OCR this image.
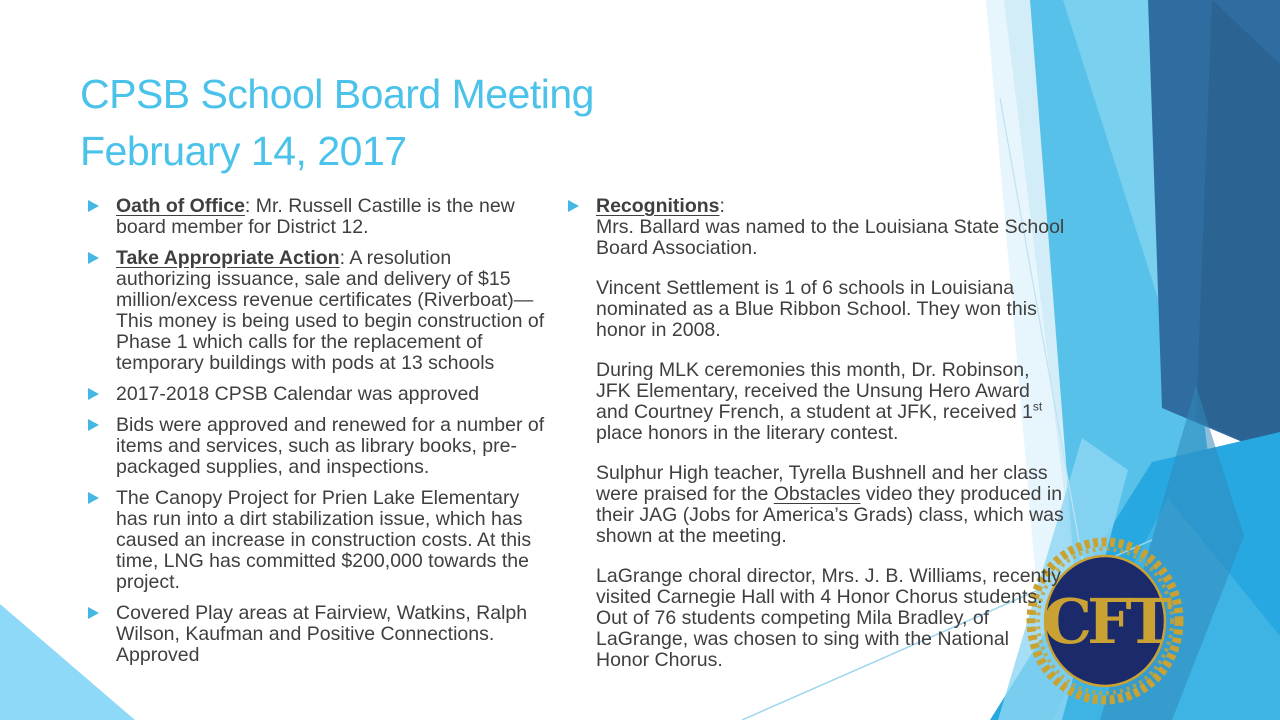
CPSB School Board Meeting
February 14, 2017
Oath of Office: Mr. Russell Castille is the new board member for District 12.
Take Appropriate Action: A resolution authorizing issuance, sale and delivery of $15 million/excess revenue certificates (Riverboat)—This money is being used to begin construction of Phase 1 which calls for the replacement of temporary buildings with pods at 13 schools
2017-2018 CPSB Calendar was approved
Bids were approved and renewed for a number of items and services, such as library books, pre-packaged supplies, and inspections.
The Canopy Project for Prien Lake Elementary has run into a dirt stabilization issue, which has caused an increase in construction costs. At this time, LNG has committed $200,000 towards the project.
Covered Play areas at Fairview, Watkins, Ralph Wilson, Kaufman and Positive Connections. Approved
Recognitions:
Mrs. Ballard was named to the Louisiana State School Board Association.
Vincent Settlement is 1 of 6 schools in Louisiana nominated as a Blue Ribbon School. They won this honor in 2008.
During MLK ceremonies this month, Dr. Robinson, JFK Elementary, received the Unsung Hero Award and Courtney French, a student at JFK, received 1st place honors in the literary contest.
Sulphur High teacher, Tyrella Bushnell and her class were praised for the Obstacles video they produced in their JAG (Jobs for America’s Grads) class, which was shown at the meeting.
LaGrange choral director, Mrs. J. B. Williams, recently visited Carnegie Hall with 4 Honor Chorus students. Out of 76 students competing Mila Bradley, of LaGrange, was chosen to sing with the National Honor Chorus.
CFT
